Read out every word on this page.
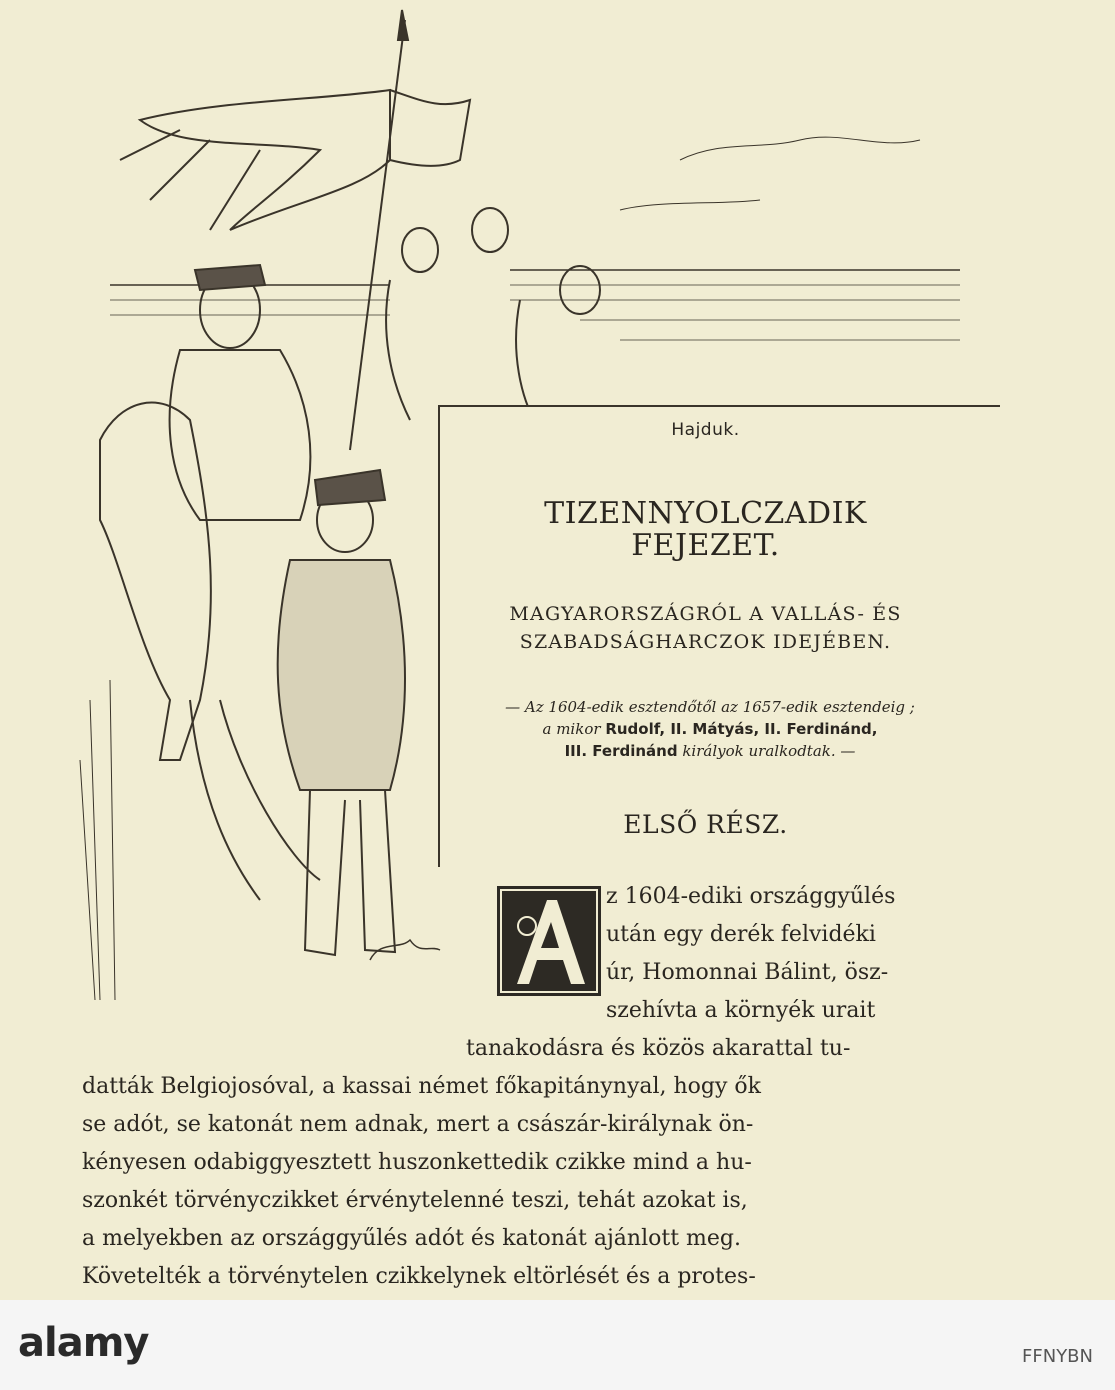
Hajduk.
TIZENNYOLCZADIK
FEJEZET.
MAGYARORSZÁGRÓL A VALLÁS- ÉS
SZABADSÁGHARCZOK IDEJÉBEN.
— Az 1604-edik esztendőtől az 1657-edik esztendeig ;
a mikor Rudolf, II. Mátyás, II. Ferdinánd,
III. Ferdinánd királyok uralkodtak. —
ELSŐ RÉSZ.
z 1604-ediki országgyűlés
után egy derék felvidéki
úr, Homonnai Bálint, ösz-
szehívta a környék urait
tanakodásra és közös akarattal tu-
datták Belgiojosóval, a kassai német főkapitánynyal, hogy ők
se adót, se katonát nem adnak, mert a császár-királynak ön-
kényesen odabiggyesztett huszonkettedik czikke mind a hu-
szonkét törvényczikket érvénytelenné teszi, tehát azokat is,
a melyekben az országgyűlés adót és katonát ajánlott meg.
Követelték a törvénytelen czikkelynek eltörlését és a protes-
alamy	FFNYBN
